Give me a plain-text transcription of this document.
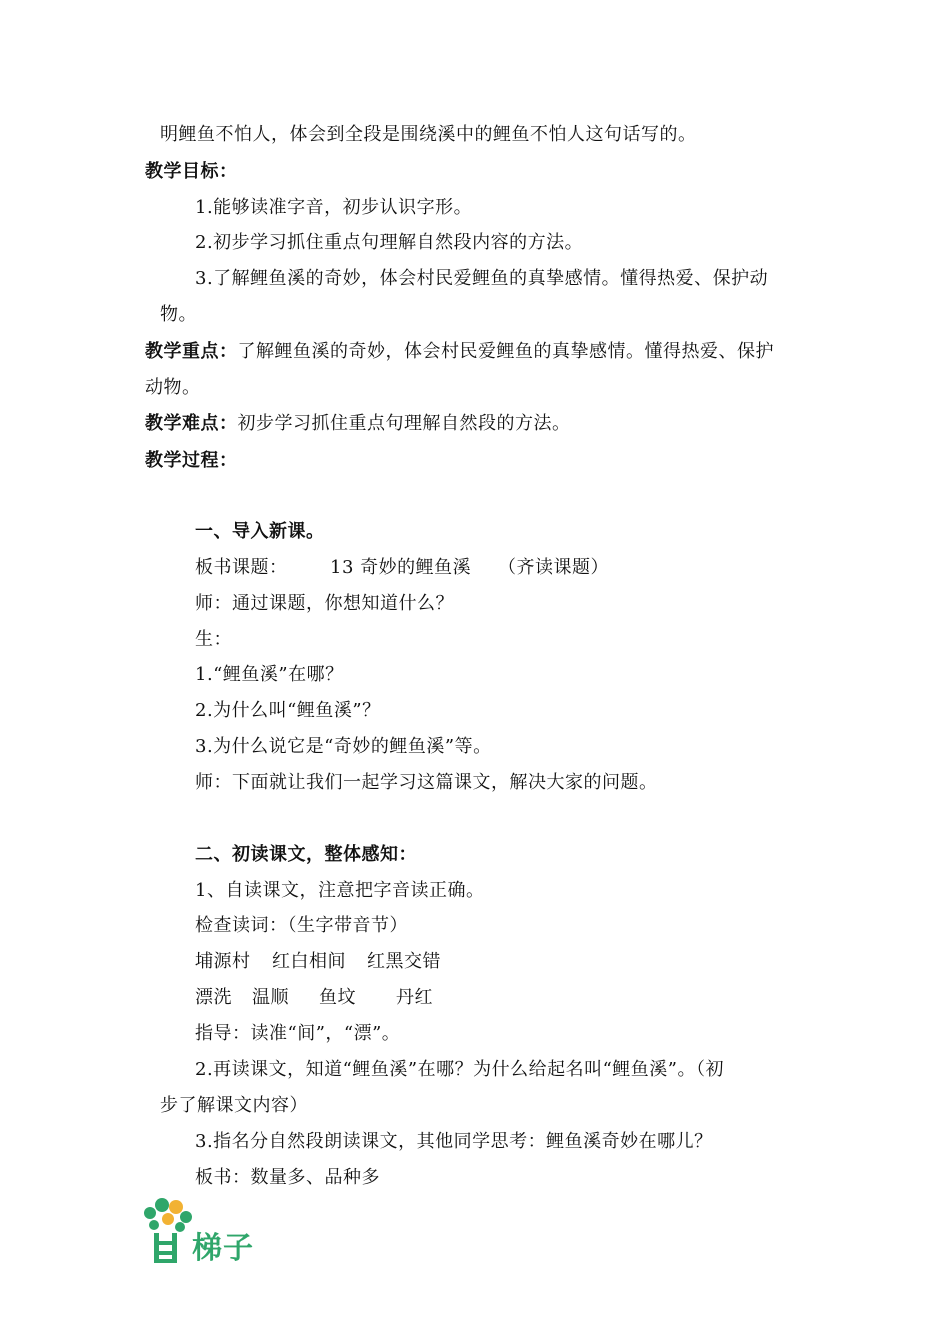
明鲤鱼不怕人，体会到全段是围绕溪中的鲤鱼不怕人这句话写的。
教学目标：
1.能够读准字音，初步认识字形。
2.初步学习抓住重点句理解自然段内容的方法。
3.了解鲤鱼溪的奇妙，体会村民爱鲤鱼的真挚感情。懂得热爱、保护动
物。
教学重点：了解鲤鱼溪的奇妙，体会村民爱鲤鱼的真挚感情。懂得热爱、保护
动物。
教学难点：初步学习抓住重点句理解自然段的方法。
教学过程：
一、导入新课。
板书课题： 13 奇妙的鲤鱼溪 （齐读课题）
师：通过课题，你想知道什么？
生：
1.“鲤鱼溪”在哪？
2.为什么叫“鲤鱼溪”？
3.为什么说它是“奇妙的鲤鱼溪”等。
师：下面就让我们一起学习这篇课文，解决大家的问题。
二、初读课文，整体感知：
1、自读课文，注意把字音读正确。
检查读词：（生字带音节）
埔源村 红白相间 红黑交错
漂洗 温顺 鱼坟 丹红
指导：读准“间”，“漂”。
2.再读课文，知道“鲤鱼溪”在哪？为什么给起名叫“鲤鱼溪”。（初
步了解课文内容）
3.指名分自然段朗读课文，其他同学思考：鲤鱼溪奇妙在哪儿？
板书：数量多、品种多
梯子
